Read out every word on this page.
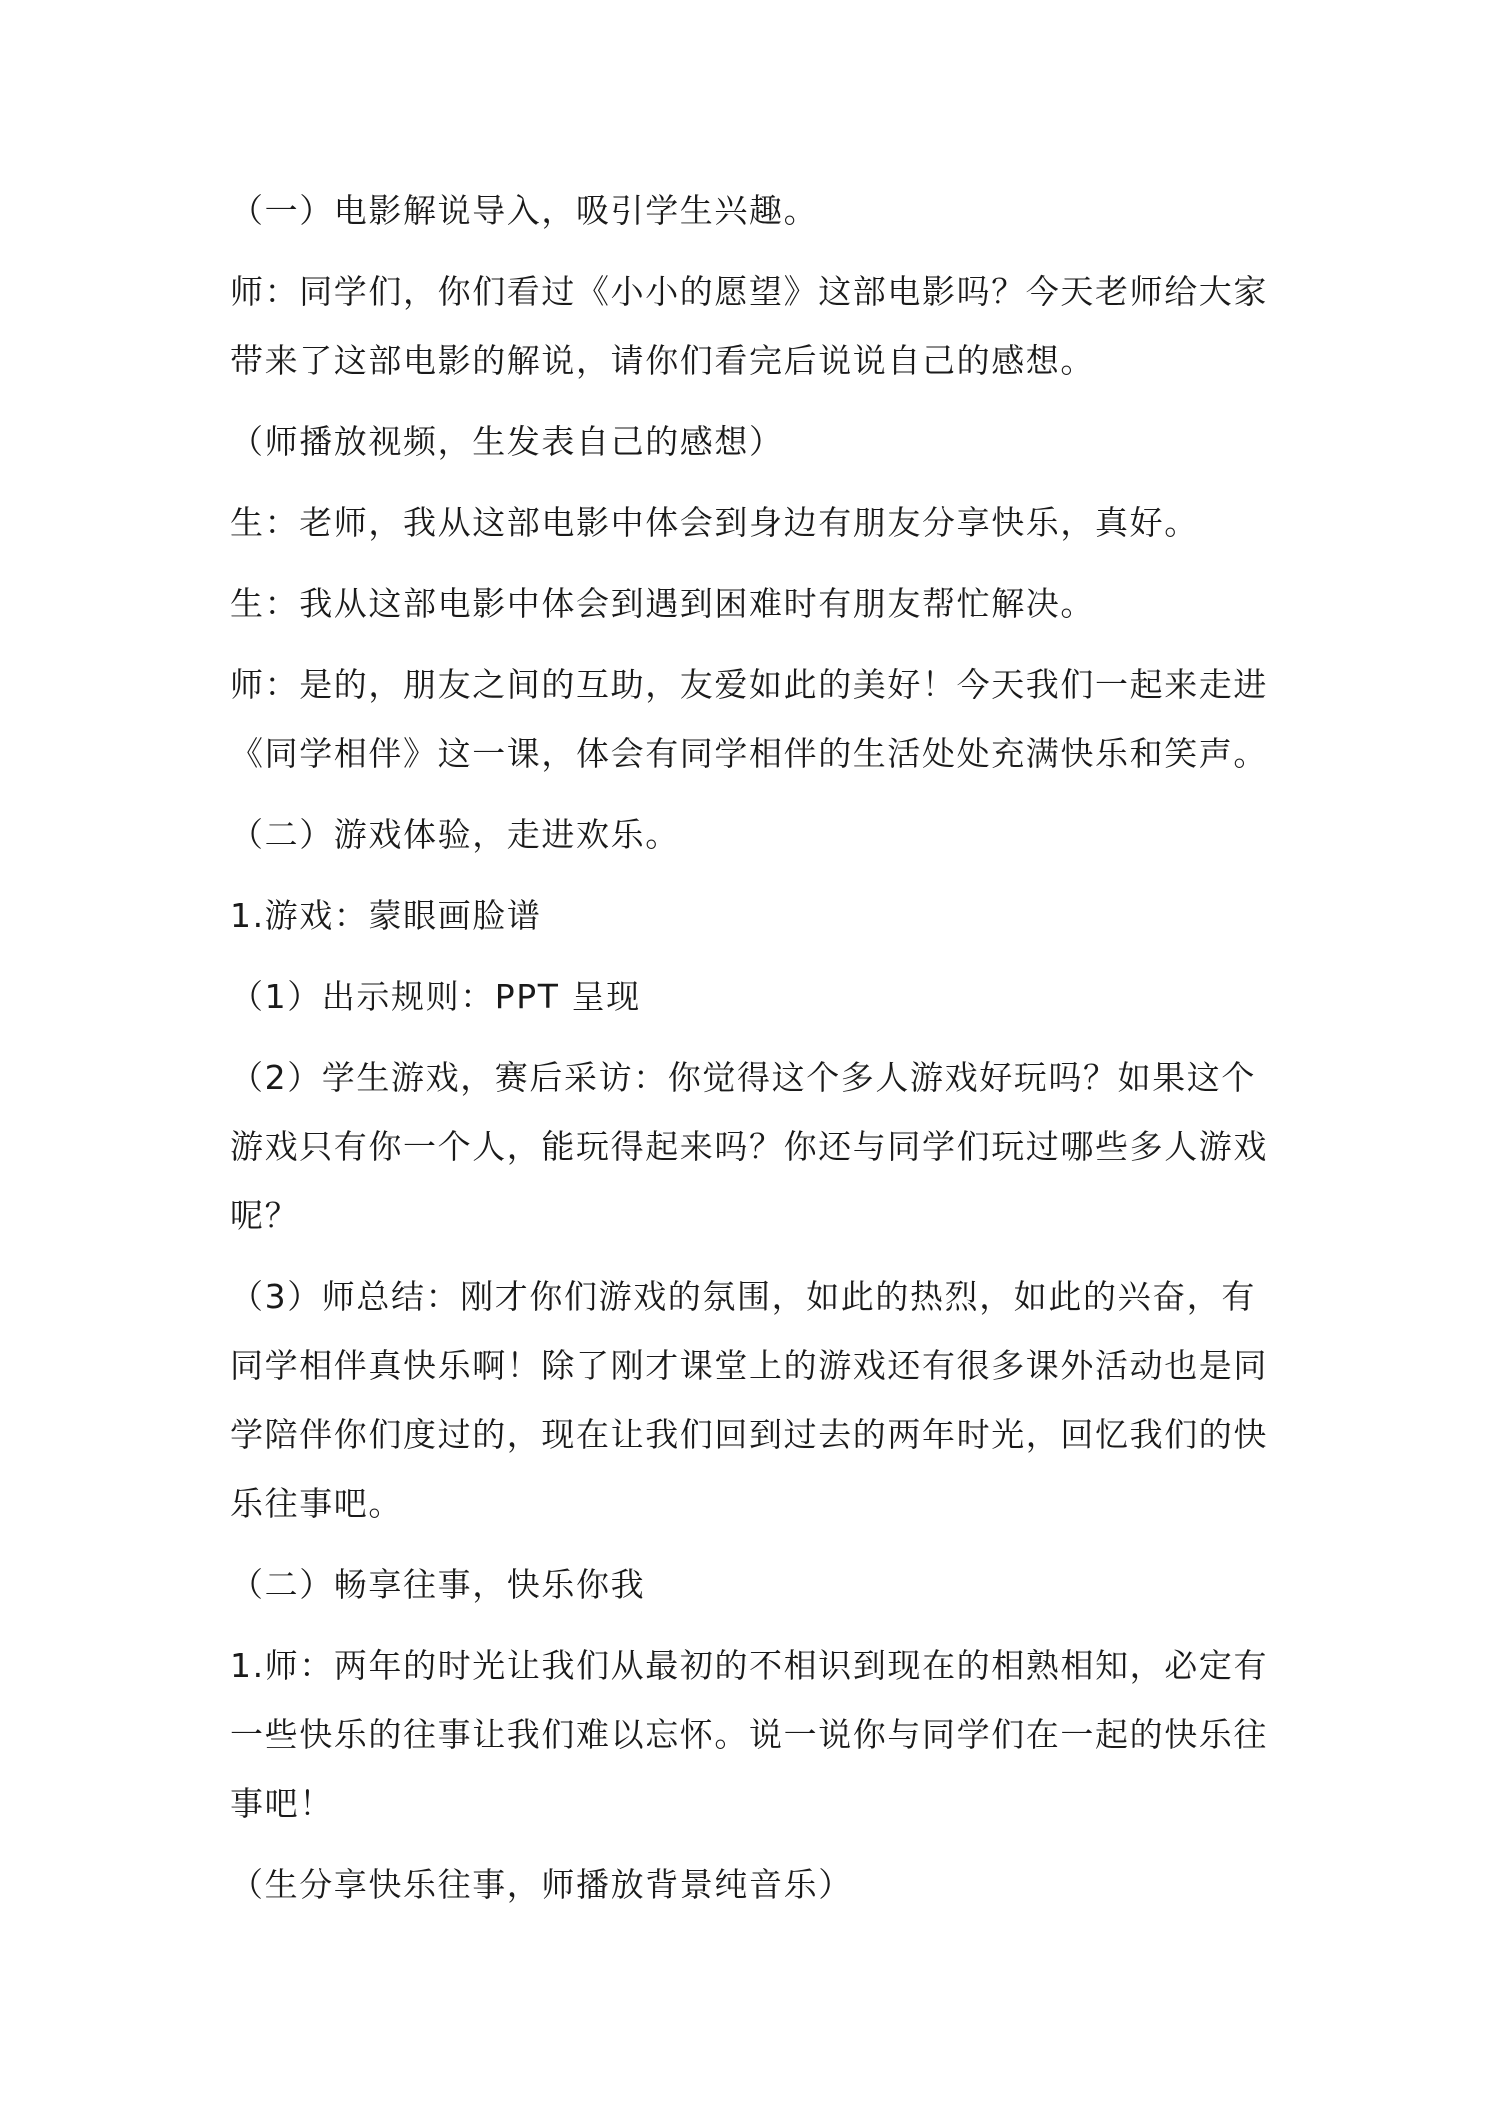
（一）电影解说导入，吸引学生兴趣。

师：同学们，你们看过《小小的愿望》这部电影吗？今天老师给大家带来了这部电影的解说，请你们看完后说说自己的感想。

（师播放视频，生发表自己的感想）

生：老师，我从这部电影中体会到身边有朋友分享快乐，真好。

生：我从这部电影中体会到遇到困难时有朋友帮忙解决。

师：是的，朋友之间的互助，友爱如此的美好！今天我们一起来走进《同学相伴》这一课，体会有同学相伴的生活处处充满快乐和笑声。

（二）游戏体验，走进欢乐。

1.游戏：蒙眼画脸谱

（1）出示规则：PPT 呈现

（2）学生游戏，赛后采访：你觉得这个多人游戏好玩吗？如果这个游戏只有你一个人，能玩得起来吗？你还与同学们玩过哪些多人游戏呢？

（3）师总结：刚才你们游戏的氛围，如此的热烈，如此的兴奋，有同学相伴真快乐啊！除了刚才课堂上的游戏还有很多课外活动也是同学陪伴你们度过的，现在让我们回到过去的两年时光，回忆我们的快乐往事吧。

（二）畅享往事，快乐你我

1.师：两年的时光让我们从最初的不相识到现在的相熟相知，必定有一些快乐的往事让我们难以忘怀。说一说你与同学们在一起的快乐往事吧！

（生分享快乐往事，师播放背景纯音乐）
